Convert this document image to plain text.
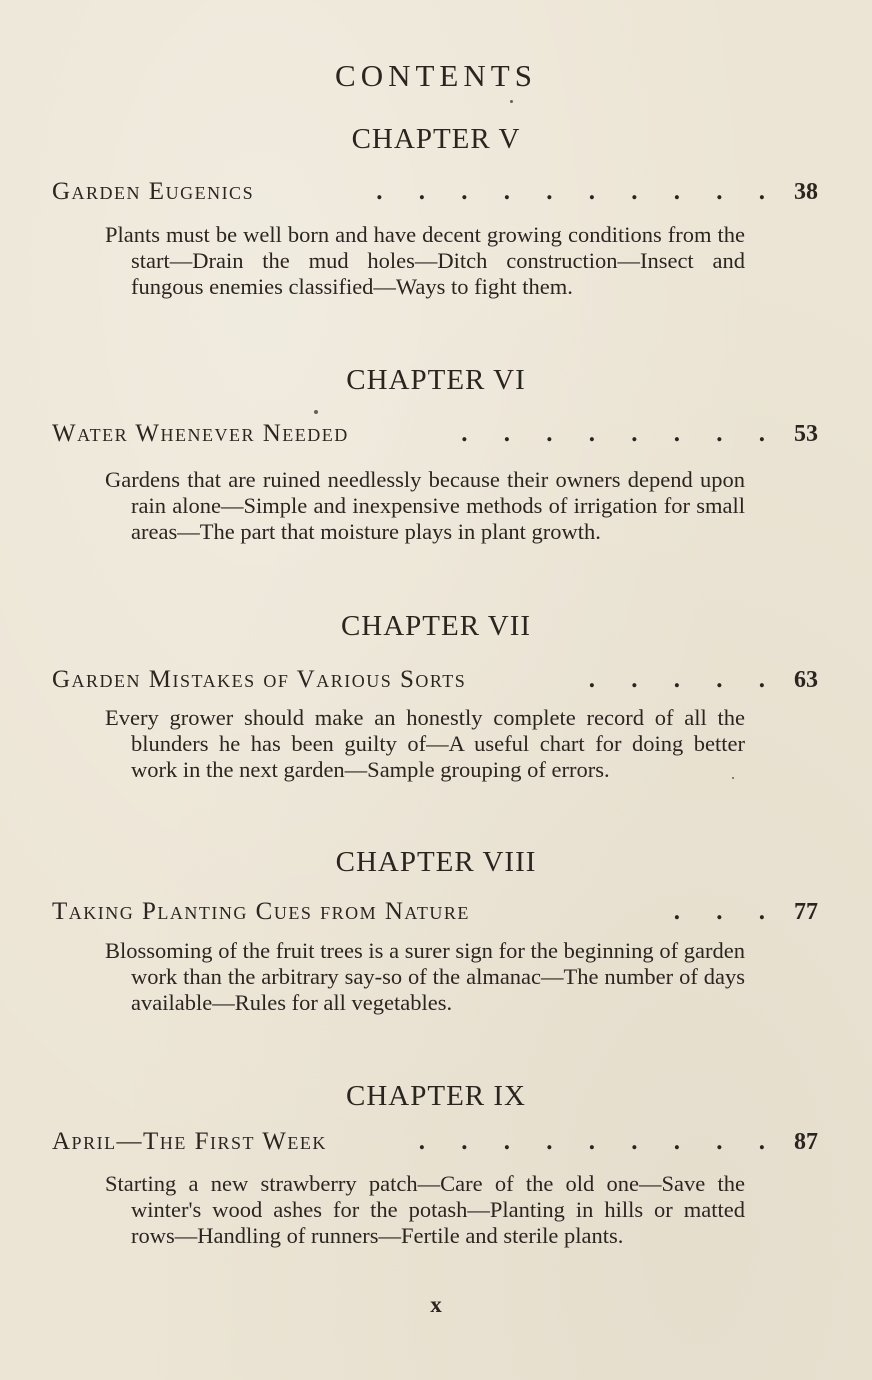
CONTENTS
CHAPTER V
Garden Eugenics	. . . . . . . . . . 38
Plants must be well born and have decent growing conditions from the start—Drain the mud holes—Ditch construction—Insect and fungous enemies classified—Ways to fight them.
CHAPTER VI
Water Whenever Needed	. . . . . . . . 53
Gardens that are ruined needlessly because their owners depend upon rain alone—Simple and inexpensive methods of irrigation for small areas—The part that moisture plays in plant growth.
CHAPTER VII
Garden Mistakes of Various Sorts	. . . . . 63
Every grower should make an honestly complete record of all the blunders he has been guilty of—A useful chart for doing better work in the next garden—Sample grouping of errors.
CHAPTER VIII
Taking Planting Cues from Nature	. . . 77
Blossoming of the fruit trees is a surer sign for the beginning of garden work than the arbitrary say-so of the almanac—The number of days available—Rules for all vegetables.
CHAPTER IX
April—The First Week	. . . . . . . . . 87
Starting a new strawberry patch—Care of the old one—Save the winter's wood ashes for the potash—Planting in hills or matted rows—Handling of runners—Fertile and sterile plants.
x
